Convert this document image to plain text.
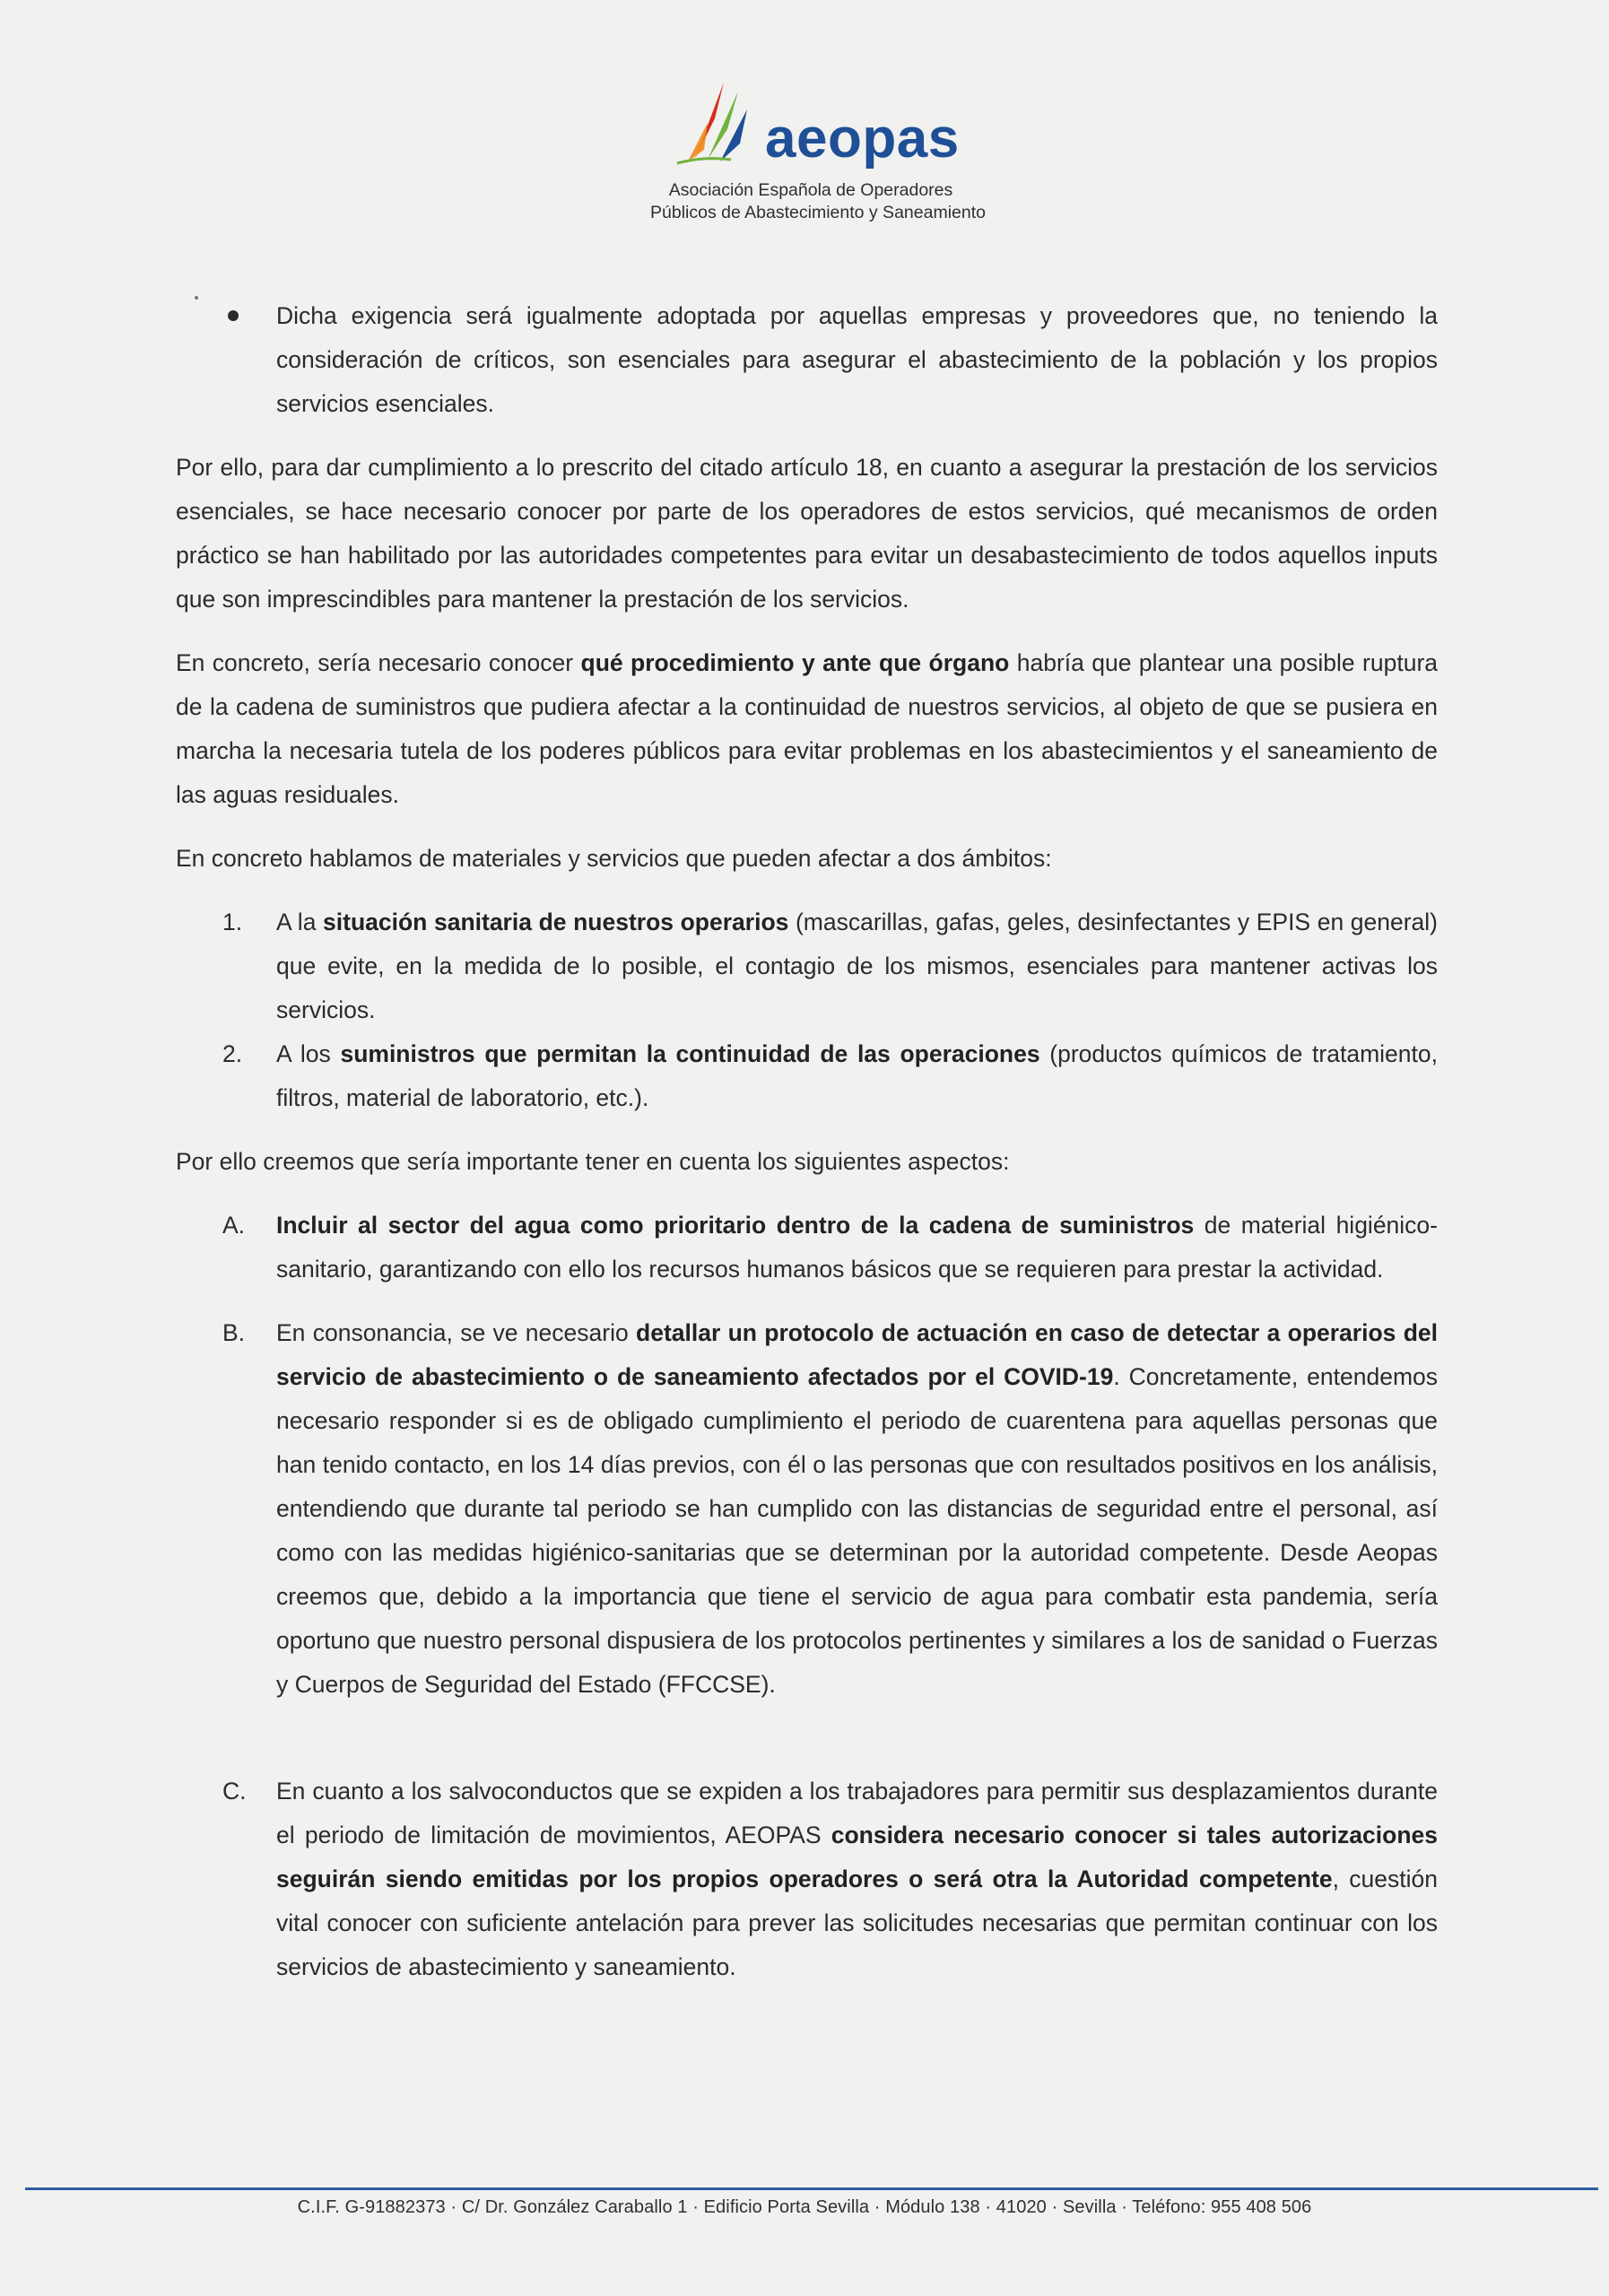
aeopas
Asociación Española de Operadores
Públicos de Abastecimiento y Saneamiento

Dicha exigencia será igualmente adoptada por aquellas empresas y proveedores que, no teniendo la consideración de críticos, son esenciales para asegurar el abastecimiento de la población y los propios servicios esenciales.

Por ello, para dar cumplimiento a lo prescrito del citado artículo 18, en cuanto a asegurar la prestación de los servicios esenciales, se hace necesario conocer por parte de los operadores de estos servicios, qué mecanismos de orden práctico se han habilitado por las autoridades competentes para evitar un desabastecimiento de todos aquellos inputs que son imprescindibles para mantener la prestación de los servicios.

En concreto, sería necesario conocer qué procedimiento y ante que órgano habría que plantear una posible ruptura de la cadena de suministros que pudiera afectar a la continuidad de nuestros servicios, al objeto de que se pusiera en marcha la necesaria tutela de los poderes públicos para evitar problemas en los abastecimientos y el saneamiento de las aguas residuales.

En concreto hablamos de materiales y servicios que pueden afectar a dos ámbitos:

1.	A la situación sanitaria de nuestros operarios (mascarillas, gafas, geles, desinfectantes y EPIS en general) que evite, en la medida de lo posible, el contagio de los mismos, esenciales para mantener activas los servicios.

2.	A los suministros que permitan la continuidad de las operaciones (productos químicos de tratamiento, filtros, material de laboratorio, etc.).

Por ello creemos que sería importante tener en cuenta los siguientes aspectos:

A.	Incluir al sector del agua como prioritario dentro de la cadena de suministros de material higiénico-sanitario, garantizando con ello los recursos humanos básicos que se requieren para prestar la actividad.

B.	En consonancia, se ve necesario detallar un protocolo de actuación en caso de detectar a operarios del servicio de abastecimiento o de saneamiento afectados por el COVID-19. Concretamente, entendemos necesario responder si es de obligado cumplimiento el periodo de cuarentena para aquellas personas que han tenido contacto, en los 14 días previos, con él o las personas que con resultados positivos en los análisis, entendiendo que durante tal periodo se han cumplido con las distancias de seguridad entre el personal, así como con las medidas higiénico-sanitarias que se determinan por la autoridad competente. Desde Aeopas creemos que, debido a la importancia que tiene el servicio de agua para combatir esta pandemia, sería oportuno que nuestro personal dispusiera de los protocolos pertinentes y similares a los de sanidad o Fuerzas y Cuerpos de Seguridad del Estado (FFCCSE).

C.	En cuanto a los salvoconductos que se expiden a los trabajadores para permitir sus desplazamientos durante el periodo de limitación de movimientos, AEOPAS considera necesario conocer si tales autorizaciones seguirán siendo emitidas por los propios operadores o será otra la Autoridad competente, cuestión vital conocer con suficiente antelación para prever las solicitudes necesarias que permitan continuar con los servicios de abastecimiento y saneamiento.

C.I.F. G-91882373 · C/ Dr. González Caraballo 1 · Edificio Porta Sevilla · Módulo 138 · 41020 · Sevilla · Teléfono: 955 408 506
